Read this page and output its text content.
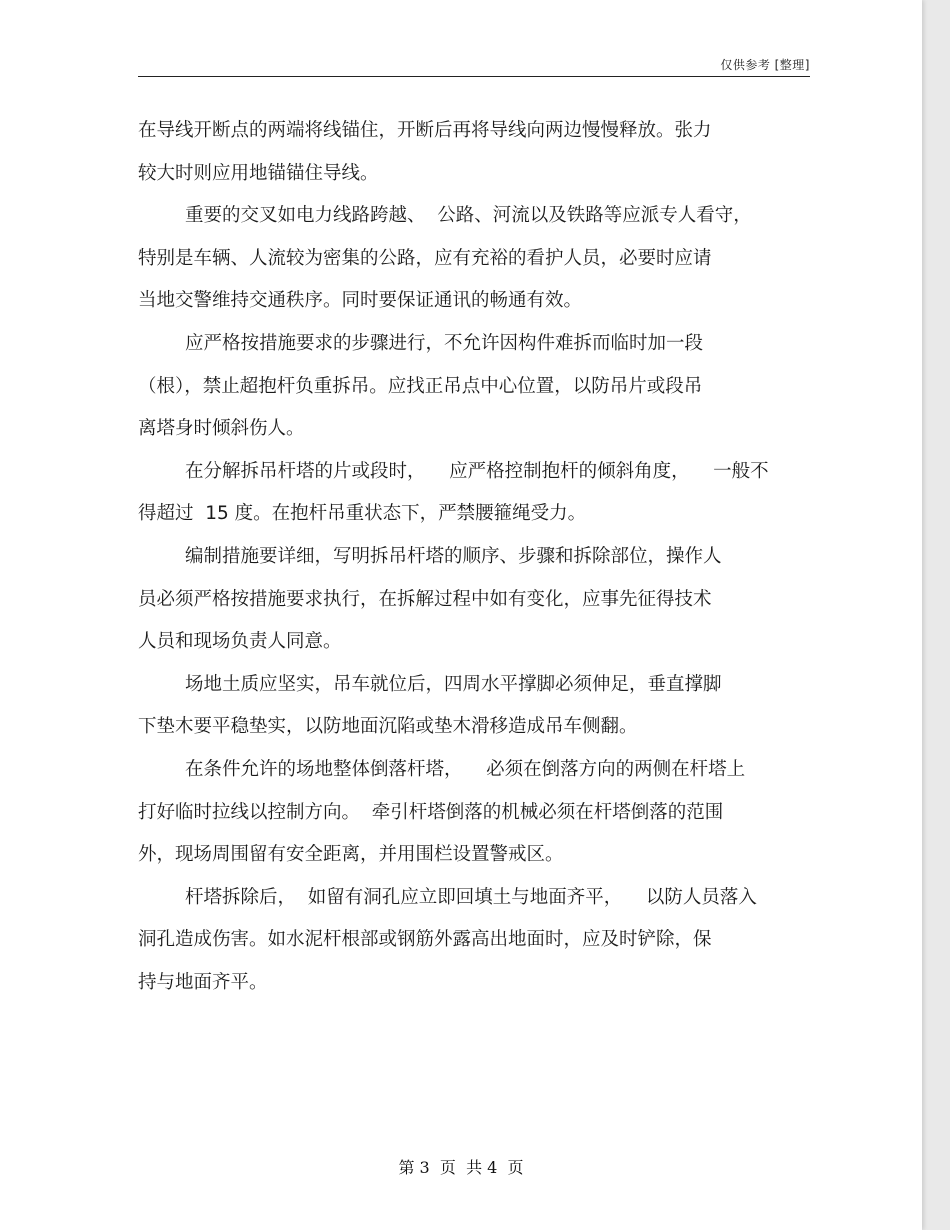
仅供参考 [整理]
在导线开断点的两端将线锚住，开断后再将导线向两边慢慢释放。张力
较大时则应用地锚锚住导线。
重要的交叉如电力线路跨越、  公路、河流以及铁路等应派专人看守，
特别是车辆、人流较为密集的公路，应有充裕的看护人员，必要时应请
当地交警维持交通秩序。同时要保证通讯的畅通有效。
应严格按措施要求的步骤进行，不允许因构件难拆而临时加一段
（根），禁止超抱杆负重拆吊。应找正吊点中心位置，以防吊片或段吊
离塔身时倾斜伤人。
在分解拆吊杆塔的片或段时，    应严格控制抱杆的倾斜角度，    一般不
得超过  15 度。在抱杆吊重状态下，严禁腰箍绳受力。
编制措施要详细，写明拆吊杆塔的顺序、步骤和拆除部位，操作人
员必须严格按措施要求执行，在拆解过程中如有变化，应事先征得技术
人员和现场负责人同意。
场地土质应坚实，吊车就位后，四周水平撑脚必须伸足，垂直撑脚
下垫木要平稳垫实，以防地面沉陷或垫木滑移造成吊车侧翻。
在条件允许的场地整体倒落杆塔，    必须在倒落方向的两侧在杆塔上
打好临时拉线以控制方向。  牵引杆塔倒落的机械必须在杆塔倒落的范围
外，现场周围留有安全距离，并用围栏设置警戒区。
杆塔拆除后，  如留有洞孔应立即回填土与地面齐平，    以防人员落入
洞孔造成伤害。如水泥杆根部或钢筋外露高出地面时，应及时铲除，保
持与地面齐平。
第 3  页  共 4  页
